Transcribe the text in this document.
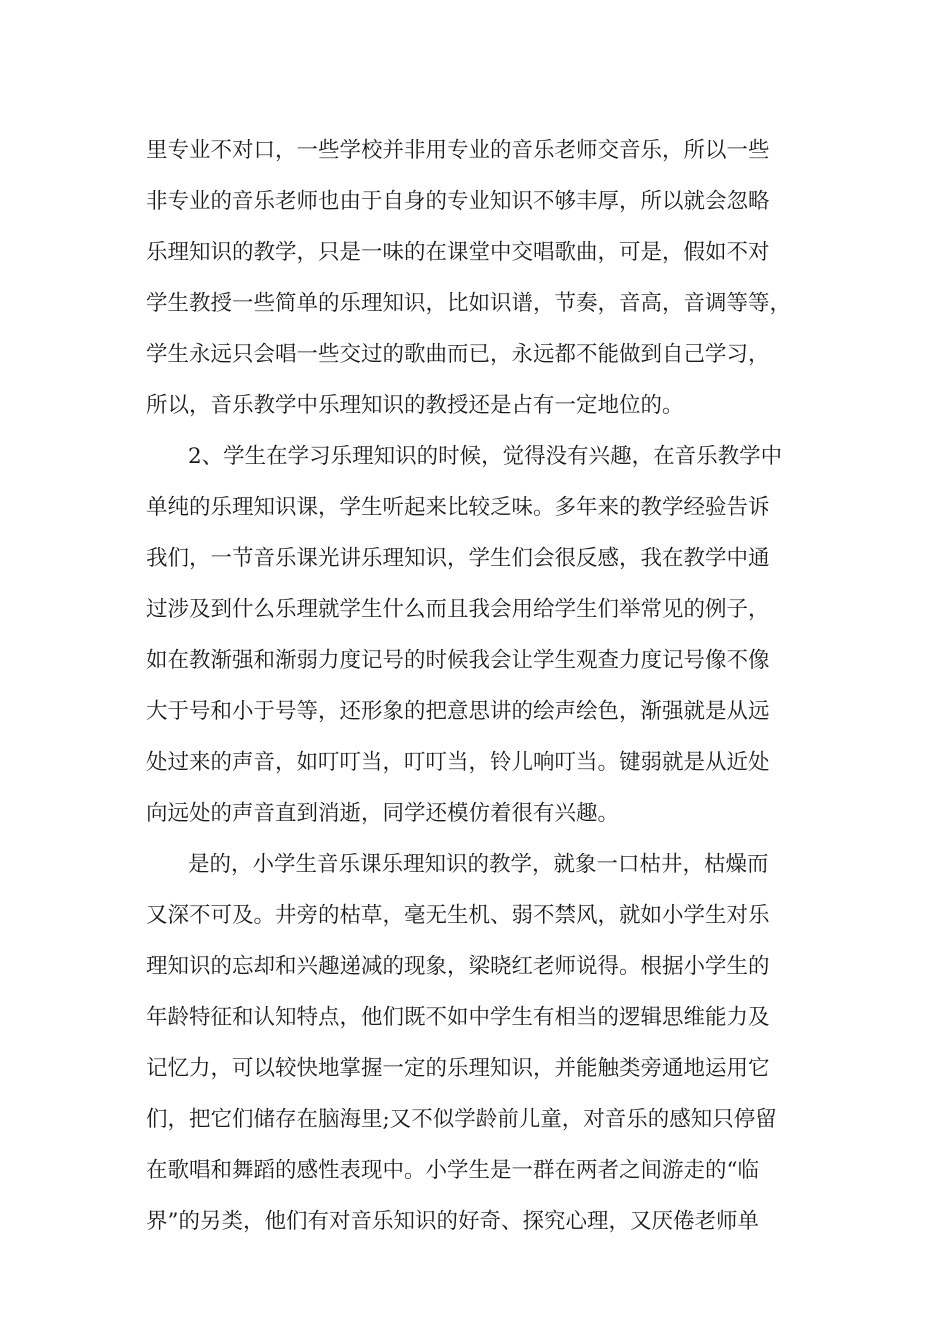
里专业不对口，一些学校并非用专业的音乐老师交音乐，所以一些
非专业的音乐老师也由于自身的专业知识不够丰厚，所以就会忽略
乐理知识的教学，只是一味的在课堂中交唱歌曲，可是，假如不对
学生教授一些简单的乐理知识，比如识谱，节奏，音高，音调等等，
学生永远只会唱一些交过的歌曲而已，永远都不能做到自己学习，
所以，音乐教学中乐理知识的教授还是占有一定地位的。
2、学生在学习乐理知识的时候，觉得没有兴趣，在音乐教学中
单纯的乐理知识课，学生听起来比较乏味。多年来的教学经验告诉
我们，一节音乐课光讲乐理知识，学生们会很反感，我在教学中通
过涉及到什么乐理就学生什么而且我会用给学生们举常见的例子，
如在教渐强和渐弱力度记号的时候我会让学生观查力度记号像不像
大于号和小于号等，还形象的把意思讲的绘声绘色，渐强就是从远
处过来的声音，如叮叮当，叮叮当，铃儿响叮当。键弱就是从近处
向远处的声音直到消逝，同学还模仿着很有兴趣。
是的，小学生音乐课乐理知识的教学，就象一口枯井，枯燥而
又深不可及。井旁的枯草，毫无生机、弱不禁风，就如小学生对乐
理知识的忘却和兴趣递减的现象，梁晓红老师说得。根据小学生的
年龄特征和认知特点，他们既不如中学生有相当的逻辑思维能力及
记忆力，可以较快地掌握一定的乐理知识，并能触类旁通地运用它
们，把它们储存在脑海里;又不似学龄前儿童，对音乐的感知只停留
在歌唱和舞蹈的感性表现中。小学生是一群在两者之间游走的“临
界”的另类，他们有对音乐知识的好奇、探究心理，又厌倦老师单
